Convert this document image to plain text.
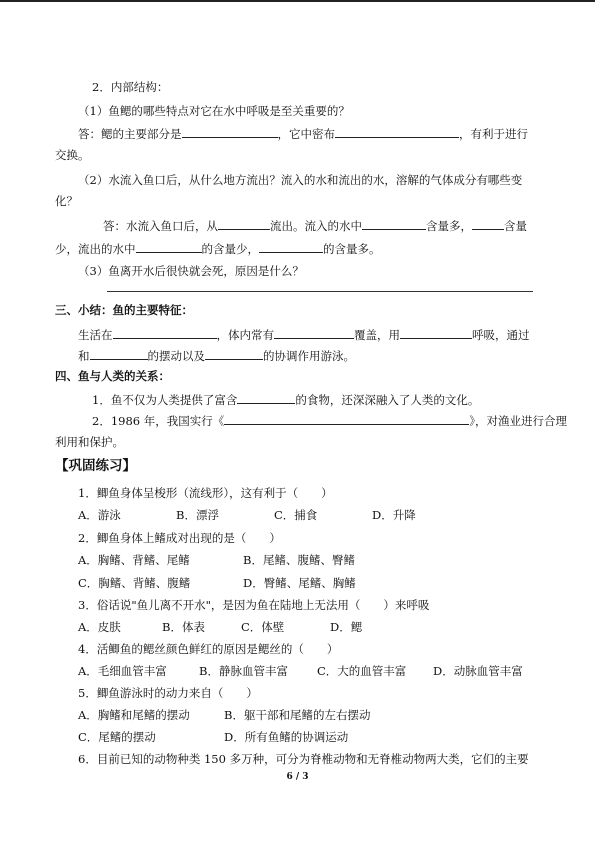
2．内部结构：
（1）鱼鳃的哪些特点对它在水中呼吸是至关重要的？
答：鳃的主要部分是	，它中密布	，有利于进行
交换。
（2）水流入鱼口后，从什么地方流出？流入的水和流出的水，溶解的气体成分有哪些变
化？
答：水流入鱼口后，从	流出。流入的水中	含量多，	含量
少，流出的水中	的含量少，	的含量多。
（3）鱼离开水后很快就会死，原因是什么？
三、小结：鱼的主要特征：
生活在	，体内常有	覆盖，用	呼吸，通过
和	的摆动以及	的协调作用游泳。
四、鱼与人类的关系：
1．鱼不仅为人类提供了富含	的食物，还深深融入了人类的文化。
2．1986 年，我国实行《	》，对渔业进行合理
利用和保护。
【巩固练习】
1．鲫鱼身体呈梭形（流线形），这有利于（　　）
A．游泳	B．漂浮	C．捕食	D．升降
2．鲫鱼身体上鳍成对出现的是（　　）
A．胸鳍、背鳍、尾鳍	B．尾鳍、腹鳍、臀鳍
C．胸鳍、背鳍、腹鳍	D．臀鳍、尾鳍、胸鳍
3．俗话说"鱼儿离不开水"，是因为鱼在陆地上无法用（　　）来呼吸
A．皮肤	B．体表	C．体壁	D．鳃
4．活鲫鱼的鳃丝颜色鲜红的原因是鳃丝的（　　）
A．毛细血管丰富	B．静脉血管丰富	C．大的血管丰富 D．动脉血管丰富
5．鲫鱼游泳时的动力来自（　　）
A．胸鳍和尾鳍的摆动	B．躯干部和尾鳍的左右摆动
C．尾鳍的摆动	D．所有鱼鳍的协调运动
6．目前已知的动物种类 150 多万种，可分为脊椎动物和无脊椎动物两大类，它们的主要
6 / 3
